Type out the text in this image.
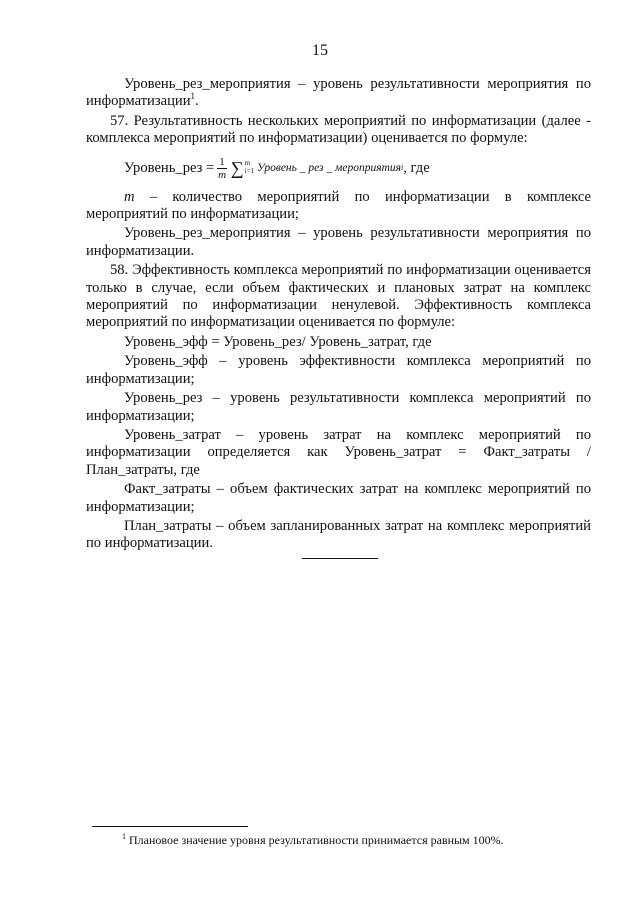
15

Уровень_рез_мероприятия – уровень результативности мероприятия по информатизации$^1$.

57. Результативность нескольких мероприятий по информатизации (далее - комплекса мероприятий по информатизации) оценивается по формуле:

Уровень_рез = $\frac{1}{m}$ ∑ m
i=1 Уровень _ рез _ мероприятия i , где

m – количество мероприятий по информатизации в комплексе мероприятий по информатизации;

Уровень_рез_мероприятия – уровень результативности мероприятия по информатизации.

58. Эффективность комплекса мероприятий по информатизации оценивается только в случае, если объем фактических и плановых затрат на комплекс мероприятий по информатизации ненулевой. Эффективность комплекса мероприятий по информатизации оценивается по формуле:

Уровень_эфф = Уровень_рез/ Уровень_затрат, где

Уровень_эфф – уровень эффективности комплекса мероприятий по информатизации;

Уровень_рез – уровень результативности комплекса мероприятий по информатизации;

Уровень_затрат – уровень затрат на комплекс мероприятий по информатизации определяется как Уровень_затрат = Факт_затраты / План_затраты, где

Факт_затраты – объем фактических затрат на комплекс мероприятий по информатизации;

План_затраты – объем запланированных затрат на комплекс мероприятий по информатизации.

$^1$ Плановое значение уровня результативности принимается равным 100%.
